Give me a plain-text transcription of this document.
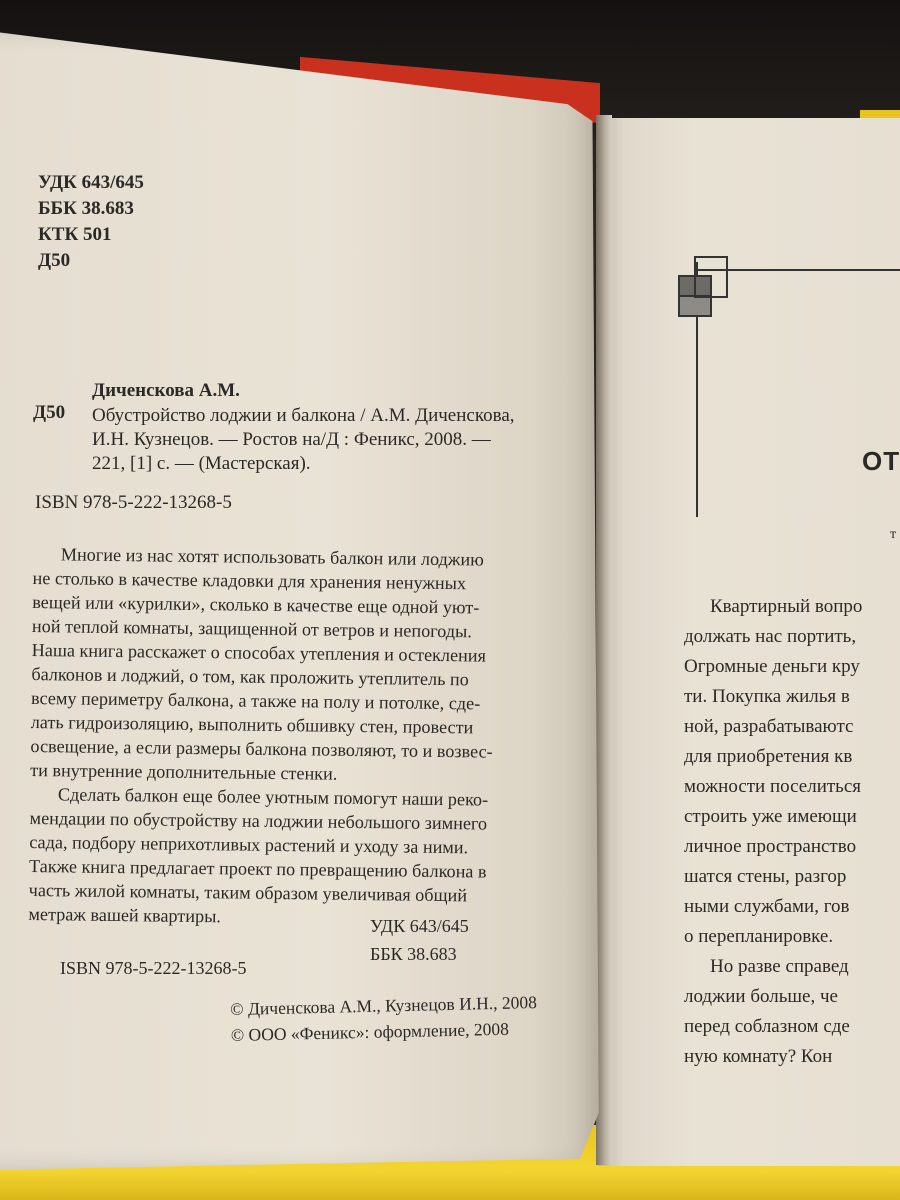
УДК 643/645
ББК 38.683
КТК 501
Д50
Диченскова А.М.
Д50 Обустройство лоджии и балкона / А.М. Диченскова,
И.Н. Кузнецов. — Ростов на/Д : Феникс, 2008. —
221, [1] с. — (Мастерская).
ISBN 978-5-222-13268-5
Многие из нас хотят использовать балкон или лоджию
не столько в качестве кладовки для хранения ненужных
вещей или «курилки», сколько в качестве еще одной уют-
ной теплой комнаты, защищенной от ветров и непогоды.
Наша книга расскажет о способах утепления и остекления
балконов и лоджий, о том, как проложить утеплитель по
всему периметру балкона, а также на полу и потолке, сде-
лать гидроизоляцию, выполнить обшивку стен, провести
освещение, а если размеры балкона позволяют, то и возвес-
ти внутренние дополнительные стенки.
Сделать балкон еще более уютным помогут наши реко-
мендации по обустройству на лоджии небольшого зимнего
сада, подбору неприхотливых растений и уходу за ними.
Также книга предлагает проект по превращению балкона в
часть жилой комнаты, таким образом увеличивая общий
метраж вашей квартиры.	УДК 643/645
ББК 38.683
ISBN 978-5-222-13268-5
© Диченскова А.М., Кузнецов И.Н., 2008
© ООО «Феникс»: оформление, 2008
ОТ
т
Квартирный вопро
должать нас портить,
Огромные деньги кру
ти. Покупка жилья в
ной, разрабатываютс
для приобретения кв
можности поселиться
строить уже имеющи
личное пространство
шатся стены, разгор
ными службами, гов
о перепланировке.
Но разве справед
лоджии больше, че
перед соблазном сде
ную комнату? Кон
